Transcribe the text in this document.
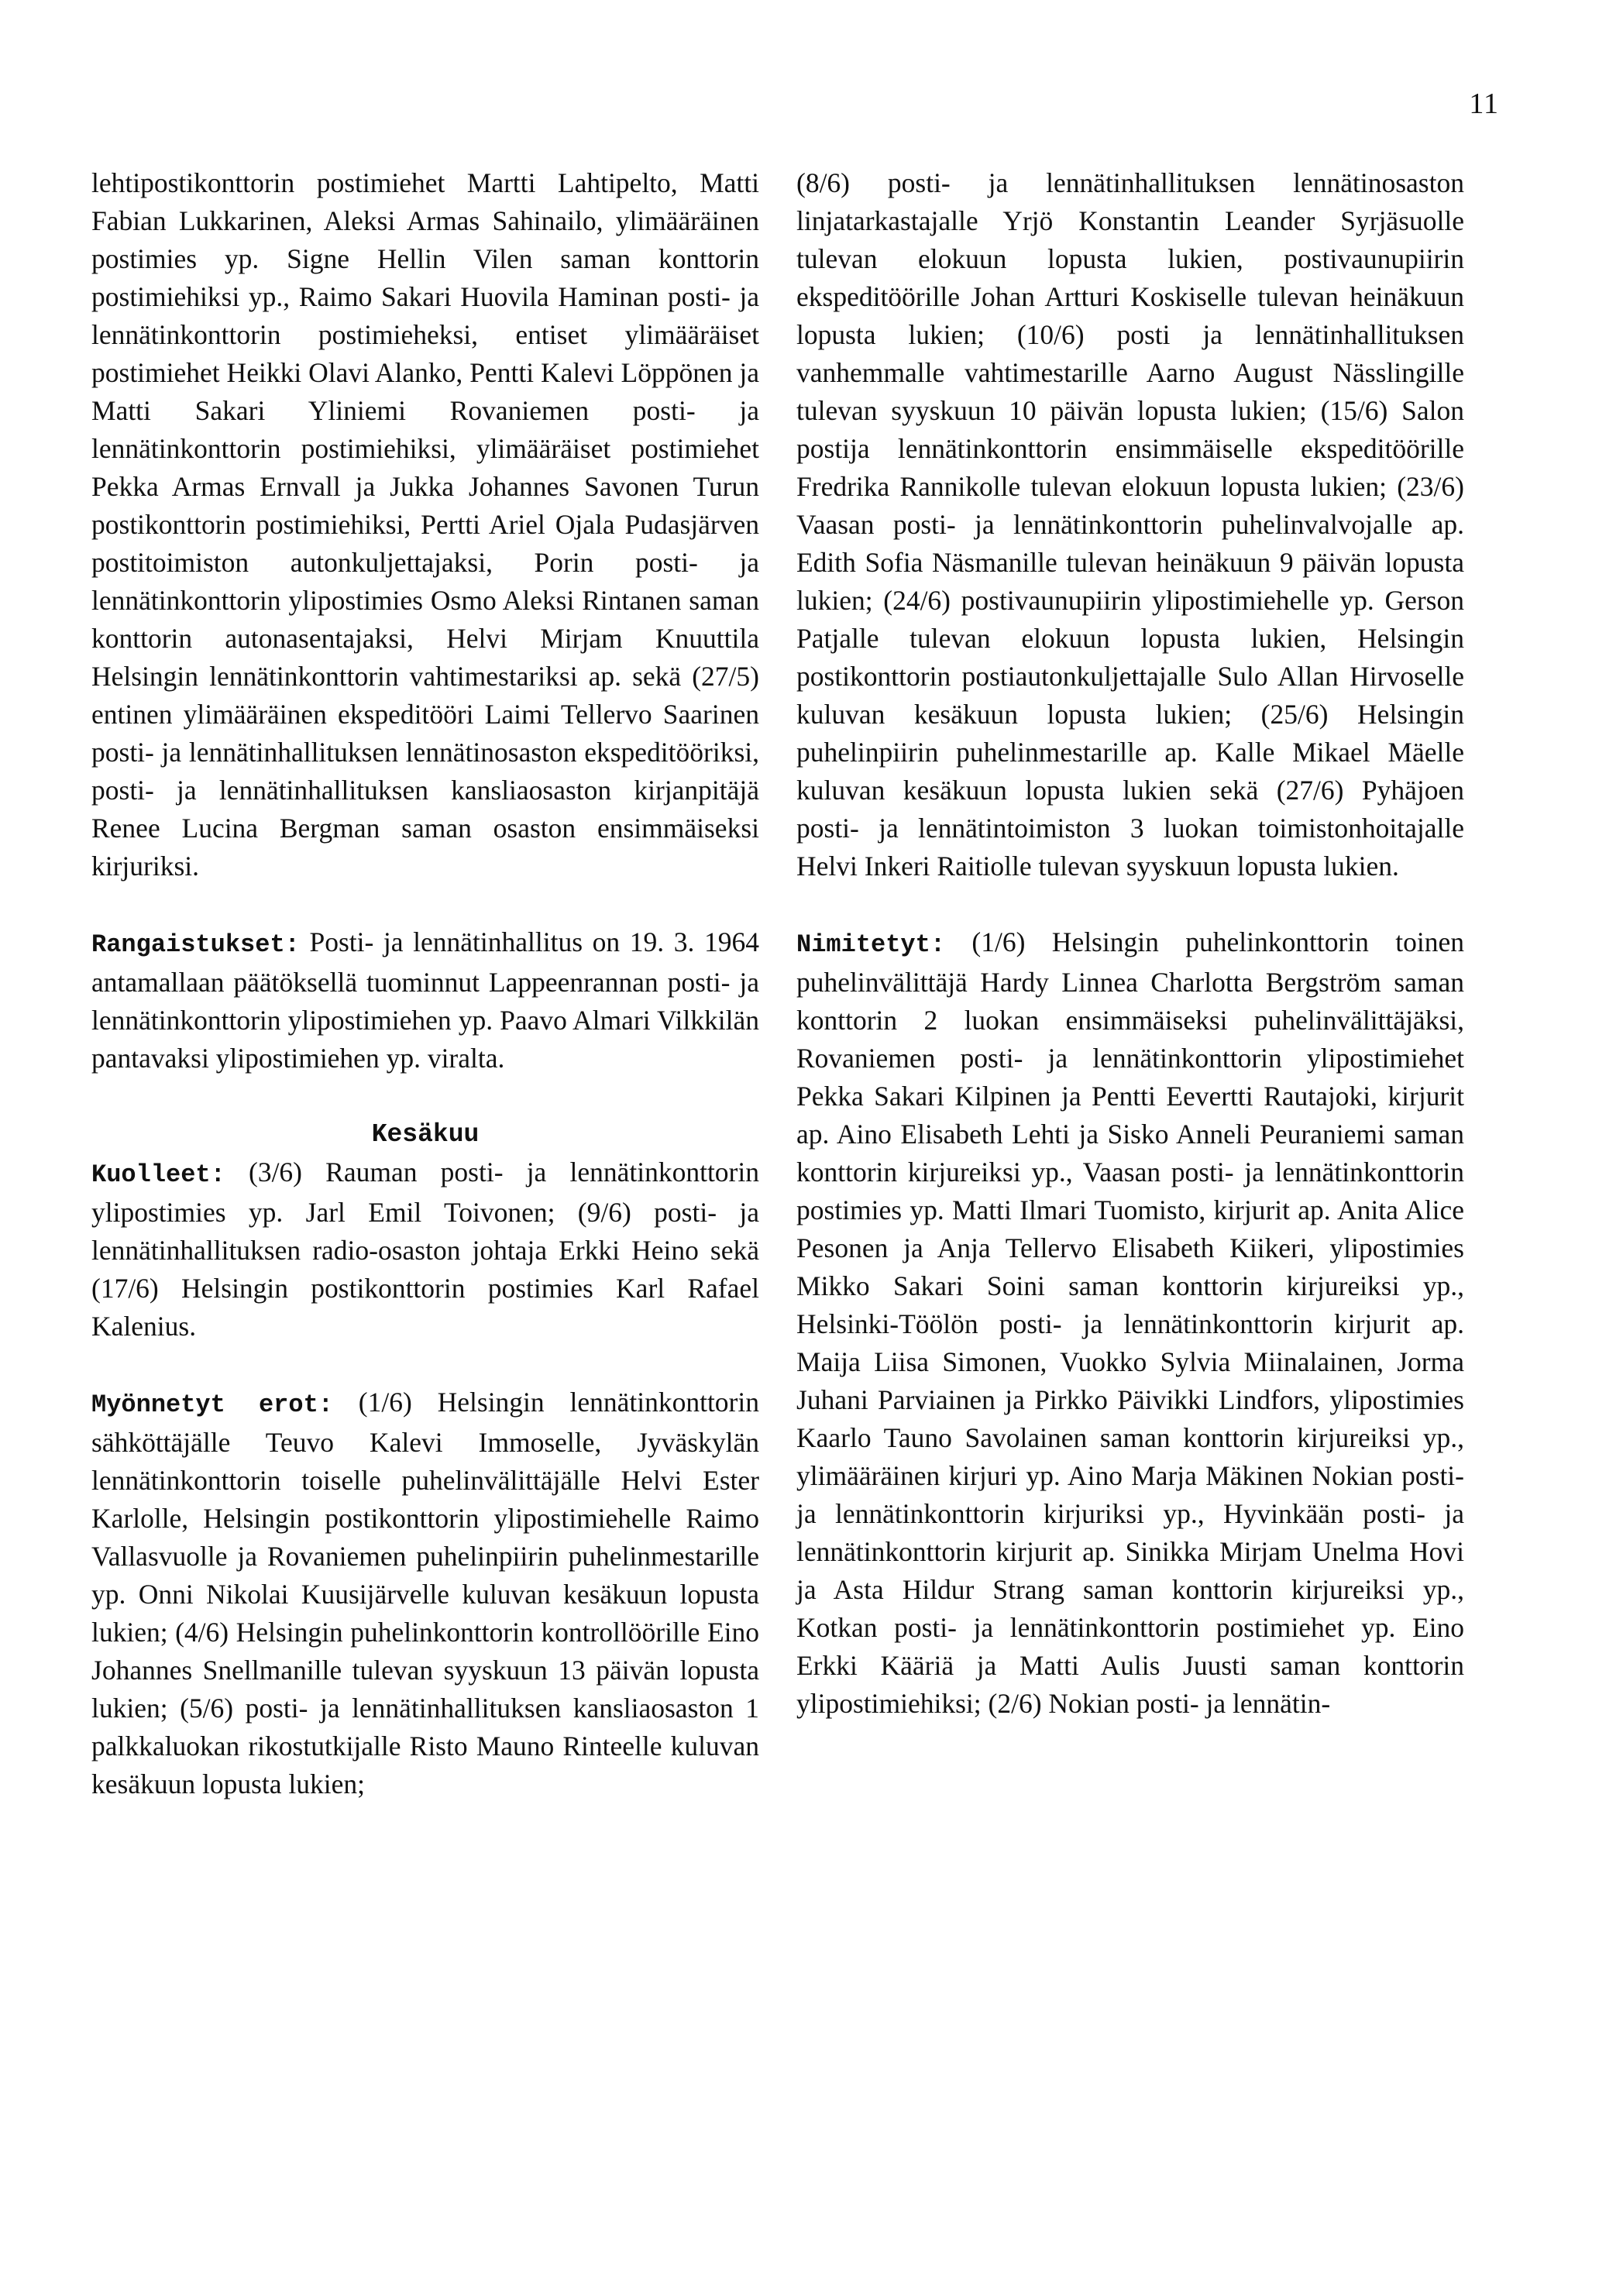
11

lehtipostikonttorin postimiehet Martti Lahtipelto, Matti Fabian Lukkarinen, Aleksi Armas Sahinailo, ylimääräinen postimies yp. Signe Hellin Vilen saman konttorin postimiehiksi yp., Raimo Sakari Huovila Haminan posti- ja lennätinkonttorin postimieheksi, entiset ylimääräiset postimiehet Heikki Olavi Alanko, Pentti Kalevi Löppönen ja Matti Sakari Yliniemi Rovaniemen posti- ja lennätinkonttorin postimiehiksi, ylimääräiset postimiehet Pekka Armas Ernvall ja Jukka Johannes Savonen Turun postikonttorin postimiehiksi, Pertti Ariel Ojala Pudasjärven postitoimiston autonkuljettajaksi, Porin posti- ja lennätinkonttorin ylipostimies Osmo Aleksi Rintanen saman konttorin autonasentajaksi, Helvi Mirjam Knuuttila Helsingin lennätinkonttorin vahtimestariksi ap. sekä (27/5) entinen ylimääräinen ekspeditööri Laimi Tellervo Saarinen posti- ja lennätinhallituksen lennätinosaston ekspeditööriksi, posti- ja lennätinhallituksen kansliaosaston kirjanpitäjä Renee Lucina Bergman saman osaston ensimmäiseksi kirjuriksi.

Rangaistukset: Posti- ja lennätinhallitus on 19. 3. 1964 antamallaan päätöksellä tuominnut Lappeenrannan posti- ja lennätinkonttorin ylipostimiehen yp. Paavo Almari Vilkkilän pantavaksi ylipostimiehen yp. viralta.

Kesäkuu

Kuolleet: (3/6) Rauman posti- ja lennätinkonttorin ylipostimies yp. Jarl Emil Toivonen; (9/6) posti- ja lennätinhallituksen radio-osaston johtaja Erkki Heino sekä (17/6) Helsingin postikonttorin postimies Karl Rafael Kalenius.

Myönnetyt erot: (1/6) Helsingin lennätinkonttorin sähköttäjälle Teuvo Kalevi Immoselle, Jyväskylän lennätinkonttorin toiselle puhelinvälittäjälle Helvi Ester Karlolle, Helsingin postikonttorin ylipostimiehelle Raimo Vallasvuolle ja Rovaniemen puhelinpiirin puhelinmestarille yp. Onni Nikolai Kuusijärvelle kuluvan kesäkuun lopusta lukien; (4/6) Helsingin puhelinkonttorin kontrollöörille Eino Johannes Snellmanille tulevan syyskuun 13 päivän lopusta lukien; (5/6) posti- ja lennätinhallituksen kansliaosaston 1 palkkaluokan rikostutkijalle Risto Mauno Rinteelle kuluvan kesäkuun lopusta lukien;

(8/6) posti- ja lennätinhallituksen lennätinosaston linjatarkastajalle Yrjö Konstantin Leander Syrjäsuolle tulevan elokuun lopusta lukien, postivaunupiirin ekspeditöörille Johan Artturi Koskiselle tulevan heinäkuun lopusta lukien; (10/6) posti ja lennätinhallituksen vanhemmalle vahtimestarille Aarno August Nässlingille tulevan syyskuun 10 päivän lopusta lukien; (15/6) Salon postija lennätinkonttorin ensimmäiselle ekspeditöörille Fredrika Rannikolle tulevan elokuun lopusta lukien; (23/6) Vaasan posti- ja lennätinkonttorin puhelinvalvojalle ap. Edith Sofia Näsmanille tulevan heinäkuun 9 päivän lopusta lukien; (24/6) postivaunupiirin ylipostimiehelle yp. Gerson Patjalle tulevan elokuun lopusta lukien, Helsingin postikonttorin postiautonkuljettajalle Sulo Allan Hirvoselle kuluvan kesäkuun lopusta lukien; (25/6) Helsingin puhelinpiirin puhelinmestarille ap. Kalle Mikael Mäelle kuluvan kesäkuun lopusta lukien sekä (27/6) Pyhäjoen posti- ja lennätintoimiston 3 luokan toimistonhoitajalle Helvi Inkeri Raitiolle tulevan syyskuun lopusta lukien.

Nimitetyt: (1/6) Helsingin puhelinkonttorin toinen puhelinvälittäjä Hardy Linnea Charlotta Bergström saman konttorin 2 luokan ensimmäiseksi puhelinvälittäjäksi, Rovaniemen posti- ja lennätinkonttorin ylipostimiehet Pekka Sakari Kilpinen ja Pentti Eevertti Rautajoki, kirjurit ap. Aino Elisabeth Lehti ja Sisko Anneli Peuraniemi saman konttorin kirjureiksi yp., Vaasan posti- ja lennätinkonttorin postimies yp. Matti Ilmari Tuomisto, kirjurit ap. Anita Alice Pesonen ja Anja Tellervo Elisabeth Kiikeri, ylipostimies Mikko Sakari Soini saman konttorin kirjureiksi yp., Helsinki-Töölön posti- ja lennätinkonttorin kirjurit ap. Maija Liisa Simonen, Vuokko Sylvia Miinalainen, Jorma Juhani Parviainen ja Pirkko Päivikki Lindfors, ylipostimies Kaarlo Tauno Savolainen saman konttorin kirjureiksi yp., ylimääräinen kirjuri yp. Aino Marja Mäkinen Nokian posti- ja lennätinkonttorin kirjuriksi yp., Hyvinkään posti- ja lennätinkonttorin kirjurit ap. Sinikka Mirjam Unelma Hovi ja Asta Hildur Strang saman konttorin kirjureiksi yp., Kotkan posti- ja lennätinkonttorin postimiehet yp. Eino Erkki Kääriä ja Matti Aulis Juusti saman konttorin ylipostimiehiksi; (2/6) Nokian posti- ja lennätin-
